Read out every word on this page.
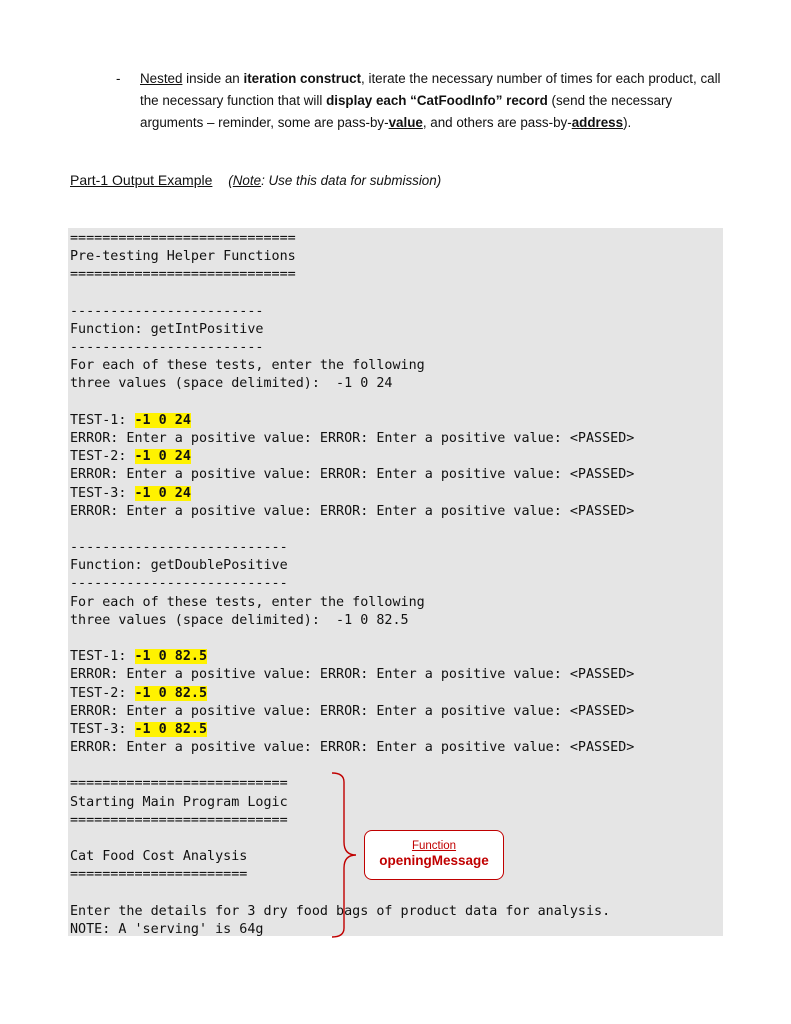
- Nested inside an iteration construct, iterate the necessary number of times for each product, call the necessary function that will display each “CatFoodInfo” record (send the necessary arguments – reminder, some are pass-by-value, and others are pass-by-address).
Part-1 Output Example (Note: Use this data for submission)
============================
Pre-testing Helper Functions
============================
------------------------
Function: getIntPositive
------------------------
For each of these tests, enter the following
three values (space delimited):  -1 0 24
TEST-1: -1 0 24
ERROR: Enter a positive value: ERROR: Enter a positive value: <PASSED>
TEST-2: -1 0 24
ERROR: Enter a positive value: ERROR: Enter a positive value: <PASSED>
TEST-3: -1 0 24
ERROR: Enter a positive value: ERROR: Enter a positive value: <PASSED>
---------------------------
Function: getDoublePositive
---------------------------
For each of these tests, enter the following
three values (space delimited):  -1 0 82.5
TEST-1: -1 0 82.5
ERROR: Enter a positive value: ERROR: Enter a positive value: <PASSED>
TEST-2: -1 0 82.5
ERROR: Enter a positive value: ERROR: Enter a positive value: <PASSED>
TEST-3: -1 0 82.5
ERROR: Enter a positive value: ERROR: Enter a positive value: <PASSED>
===========================
Starting Main Program Logic
===========================
Cat Food Cost Analysis
======================
Enter the details for 3 dry food bags of product data for analysis.
NOTE: A 'serving' is 64g
Function
openingMessage
